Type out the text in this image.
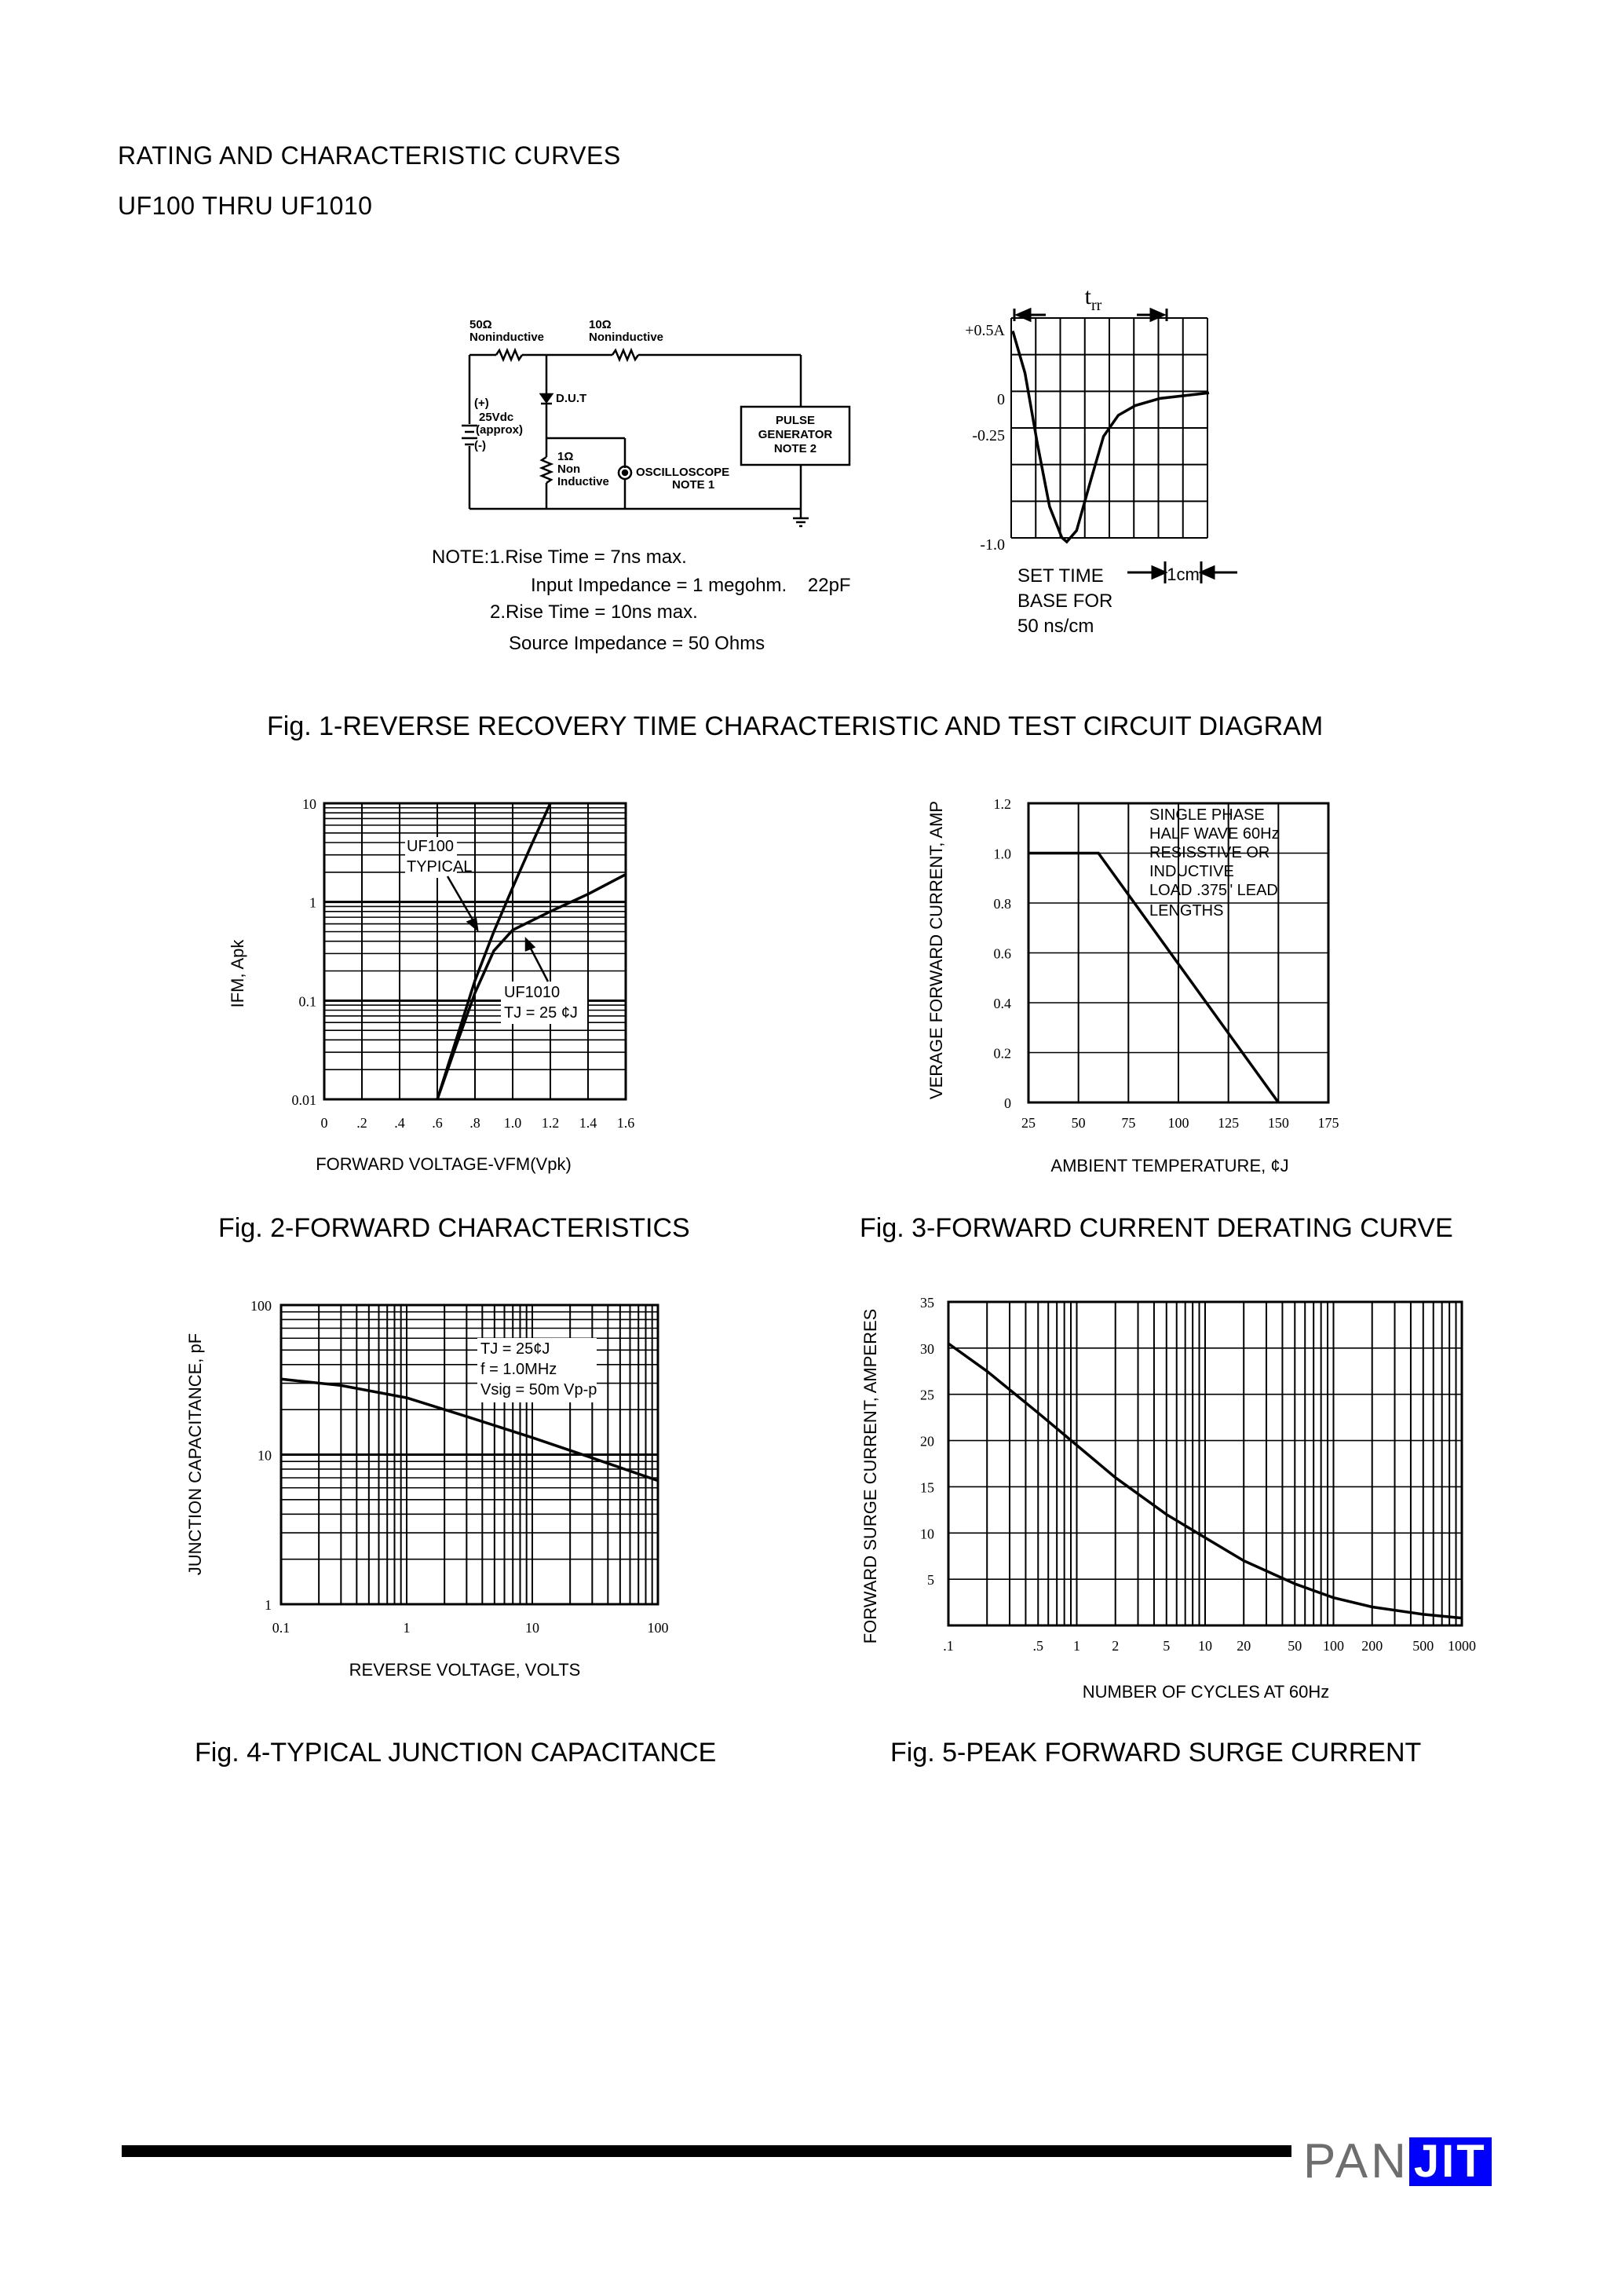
RATING AND CHARACTERISTIC CURVES
UF100 THRU UF1010
50Ω
Noninductive
10Ω
Noninductive
D.U.T
(+)
25Vdc
(approx)
(-)
1Ω
Non
Inductive
OSCILLOSCOPE
NOTE 1
PULSE
GENERATOR
NOTE 2
NOTE:1.Rise Time = 7ns max.
Input Impedance = 1 megohm.    22pF
2.Rise Time = 10ns max.
Source Impedance = 50 Ohms
t rr
+0.5A
0
-0.25
-1.0
SET TIME
BASE FOR
50 ns/cm
1cm
Fig. 1-REVERSE RECOVERY TIME CHARACTERISTIC AND TEST CIRCUIT DIAGRAM
0 .2 .4 .6 .8 1.0 1.2 1.4 1.6
0.01
0.1
1
10
UF100
TYPICAL
UF1010
TJ = 25 ¢J
IFM, Apk
FORWARD VOLTAGE-VFM(Vpk)
Fig. 2-FORWARD CHARACTERISTICS
25	50	75 100 125 150 175
0
0.2
0.4
0.6
0.8
1.0
1.2
SINGLE PHASE
HALF WAVE 60Hz
RESISSTIVE OR
INDUCTIVE
LOAD .375" LEAD
LENGTHS
VERAGE FORWARD CURRENT, AMP
AMBIENT TEMPERATURE, ¢J
Fig. 3-FORWARD CURRENT DERATING CURVE
0.1	1	10	100
1
10
100
TJ = 25¢J
f = 1.0MHz
Vsig = 50m Vp-p
JUNCTION CAPACITANCE, pF
REVERSE VOLTAGE, VOLTS
Fig. 4-TYPICAL JUNCTION CAPACITANCE
.1	.5 1 2	5 10 20	50 100 200 500 1000
5
10
15
20
25
30
35
FORWARD SURGE CURRENT, AMPERES
NUMBER OF CYCLES AT 60Hz
Fig. 5-PEAK FORWARD SURGE CURRENT
PAN JIT
